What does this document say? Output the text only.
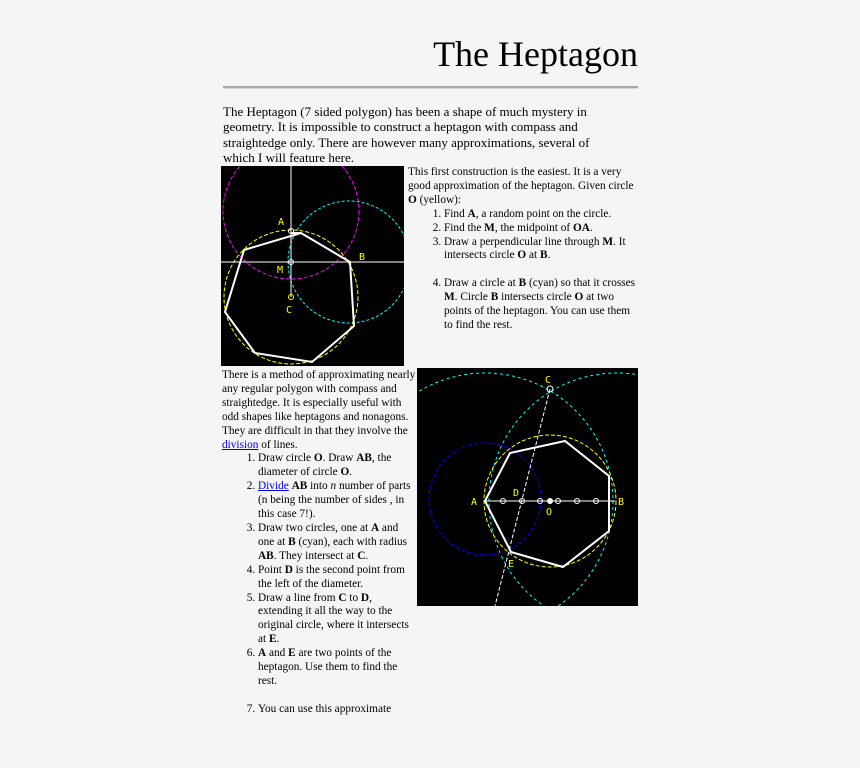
The Heptagon

The Heptagon (7 sided polygon) has been a shape of much mystery in geometry. It is impossible to construct a heptagon with compass and straightedge only. There are however many approximations, several of which I will feature here.

A
M
B
C
This first construction is the easiest. It is a very good approximation of the heptagon. Given circle O (yellow):
1. Find A, a random point on the circle.
2. Find the M, the midpoint of OA.
3. Draw a perpendicular line through M. It intersects circle O at B.
4. Draw a circle at B (cyan) so that it crosses M. Circle B intersects circle O at two points of the heptagon. You can use them to find the rest.
A	B
C
D
E
O
There is a method of approximating nearly any regular polygon with compass and straightedge. It is especially useful with odd shapes like heptagons and nonagons. They are difficult in that they involve the division of lines.
1. Draw circle O. Draw AB, the diameter of circle O.
2. Divide AB into n number of parts (n being the number of sides , in this case 7!).
3. Draw two circles, one at A and one at B (cyan), each with radius AB. They intersect at C.
4. Point D is the second point from the left of the diameter.
5. Draw a line from C to D, extending it all the way to the original circle, where it intersects at E.
6. A and E are two points of the heptagon. Use them to find the rest.
7. You can use this approximate
